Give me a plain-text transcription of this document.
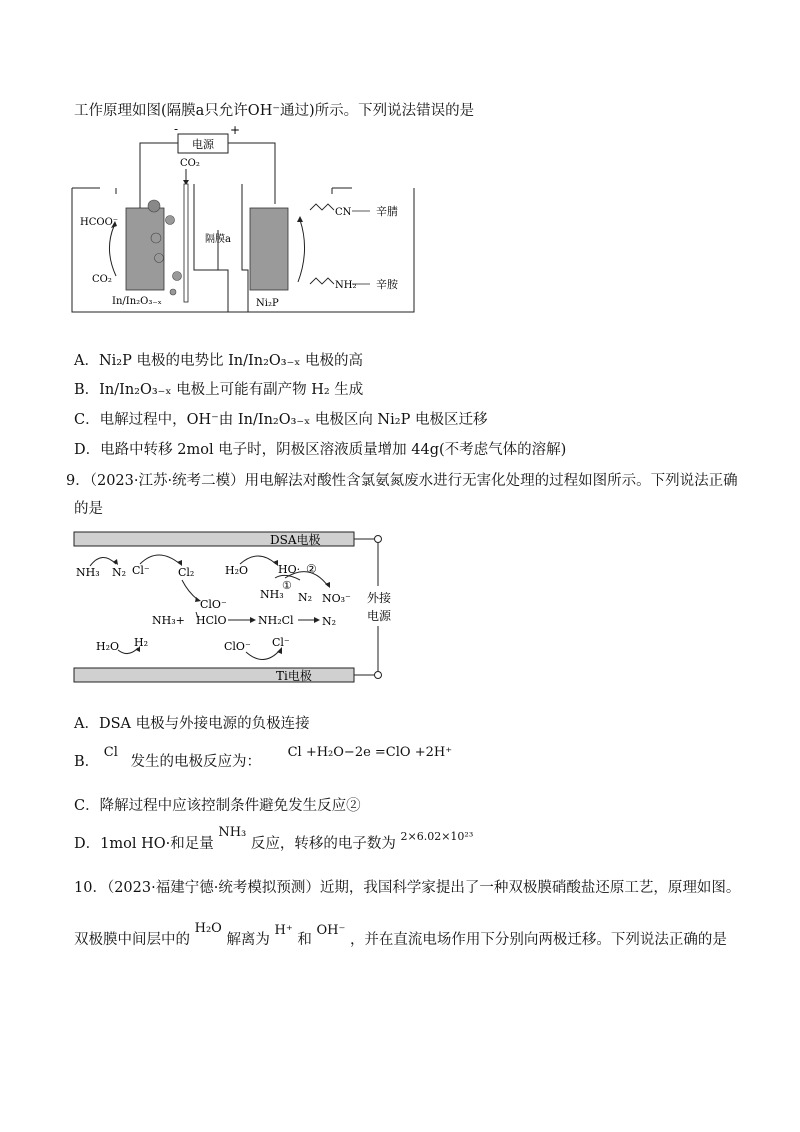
工作原理如图(隔膜a只允许OH⁻通过)所示。下列说法错误的是
电源
-	+
CO₂
隔膜a
HCOO⁻
CO₂
In/In₂O₃₋ₓ	Ni₂P
CN
NH₂
辛腈
辛胺
A．Ni₂P 电极的电势比 In/In₂O₃₋ₓ 电极的高
B．In/In₂O₃₋ₓ 电极上可能有副产物 H₂ 生成
C．电解过程中，OH⁻由 In/In₂O₃₋ₓ 电极区向 Ni₂P 电极区迁移
D．电路中转移 2mol 电子时，阴极区溶液质量增加 44g(不考虑气体的溶解)
9．（2023·江苏·统考二模）用电解法对酸性含氯氨氮废水进行无害化处理的过程如图所示。下列说法正确
的是
DSA电极
Ti电极
外接
电源
NH₃ N₂ Cl⁻	Cl₂	H₂O	HO· ②
①
NH₃ N₂ NO₃⁻
ClO⁻
NH₃+ HClO	NH₂Cl	N₂
H₂O H₂	ClO⁻ Cl⁻
A．DSA 电极与外接电源的负极连接
B． Cl 发生的电极反应为： Cl +H₂O−2e =ClO +2H⁺
C．降解过程中应该控制条件避免发生反应②
D．1mol HO·和足量 NH₃ 反应，转移的电子数为 $^{2\times 6.02\times 10^{23}}$
10．（2023·福建宁德·统考模拟预测）近期，我国科学家提出了一种双极膜硝酸盐还原工艺，原理如图。
双极膜中间层中的 H₂O 解离为 H⁺ 和 OH⁻ ，并在直流电场作用下分别向两极迁移。下列说法正确的是
